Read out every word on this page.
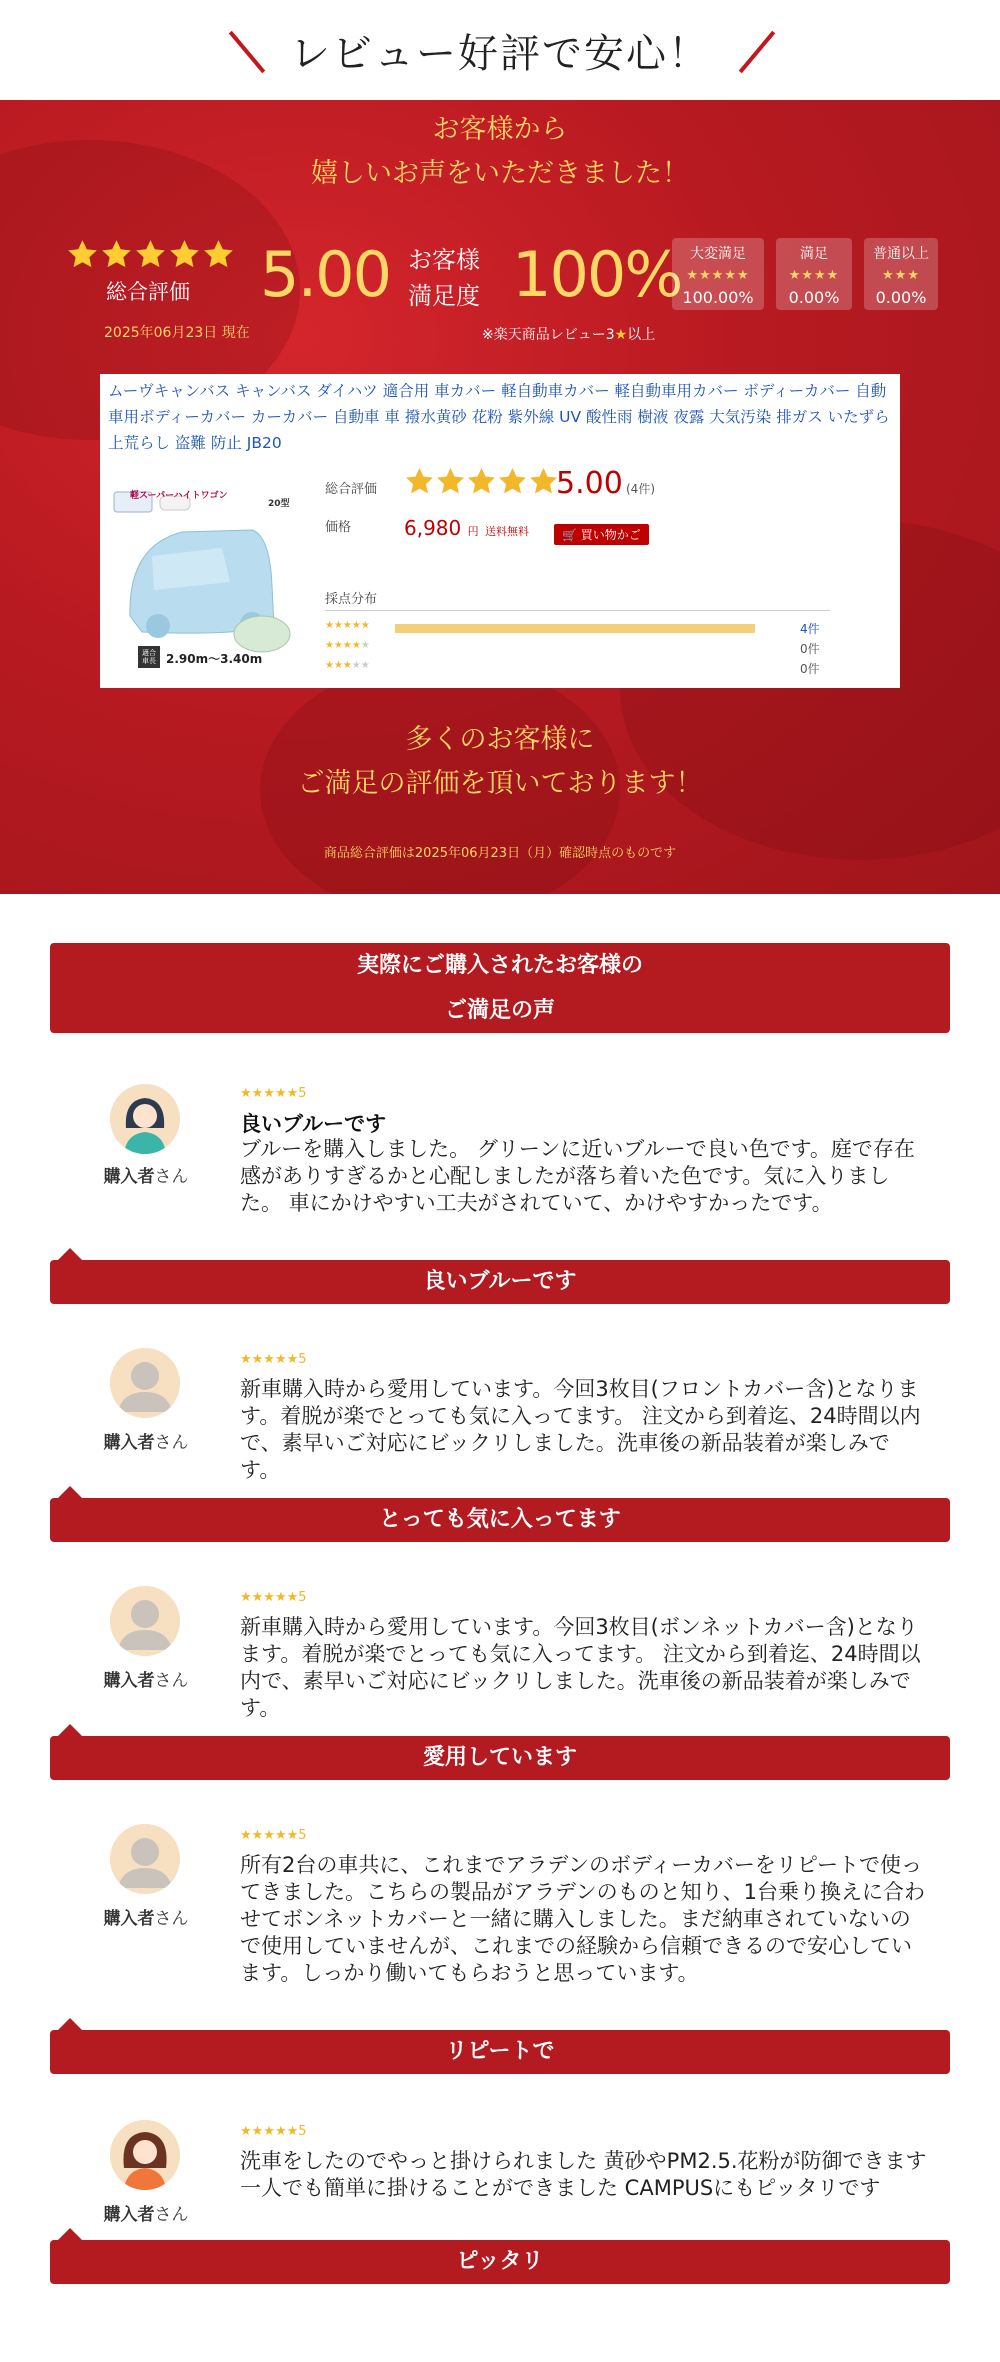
レビュー好評で安心！
お客様から
嬉しいお声をいただきました！
総合評価 5.00 お客様
満足度 100%
2025年06月23日 現在	※楽天商品レビュー3★以上
大変満足
★★★★★
100.00%
満足
★★★★
0.00%
普通以上
★★★
0.00%
ムーヴキャンバス キャンバス ダイハツ 適合用 車カバー 軽自動車カバー 軽自動車用カバー ボディーカバー 自動車用ボディーカバー カーカバー 自動車 車 撥水黄砂 花粉 紫外線 UV 酸性雨 樹液 夜露 大気汚染 排ガス いたずら 上荒らし 盗難 防止 JB20
軽スーパーハイトワゴン
20型
適合
車長 2.90m〜3.40m
総合評価	5.00 (4件)
価格	6,980 円 送料無料	🛒 買い物かご
採点分布
★★★★★	4件
★★★★★	0件
★★★★★	0件
多くのお客様に
ご満足の評価を頂いております！
商品総合評価は2025年06月23日（月）確認時点のものです
実際にご購入されたお客様の
ご満足の声
購入者さん
★★★★★5
良いブルーです
ブルーを購入しました。 グリーンに近いブルーで良い色です。庭で存在感がありすぎるかと心配しましたが落ち着いた色です。気に入りました。 車にかけやすい工夫がされていて、かけやすかったです。
良いブルーです
購入者さん
★★★★★5
新車購入時から愛用しています。今回3枚目(フロントカバー含)となります。着脱が楽でとっても気に入ってます。 注文から到着迄、24時間以内で、素早いご対応にビックリしました。洗車後の新品装着が楽しみです。
とっても気に入ってます
購入者さん
★★★★★5
新車購入時から愛用しています。今回3枚目(ボンネットカバー含)となります。着脱が楽でとっても気に入ってます。 注文から到着迄、24時間以内で、素早いご対応にビックリしました。洗車後の新品装着が楽しみです。
愛用しています
購入者さん
★★★★★5
所有2台の車共に、これまでアラデンのボディーカバーをリピートで使ってきました。こちらの製品がアラデンのものと知り、1台乗り換えに合わせてボンネットカバーと一緒に購入しました。まだ納車されていないので使用していませんが、これまでの経験から信頼できるので安心しています。しっかり働いてもらおうと思っています。
リピートで
購入者さん
★★★★★5
洗車をしたのでやっと掛けられました 黄砂やPM2.5.花粉が防御できます 一人でも簡単に掛けることができました CAMPUSにもピッタリです
ピッタリ
